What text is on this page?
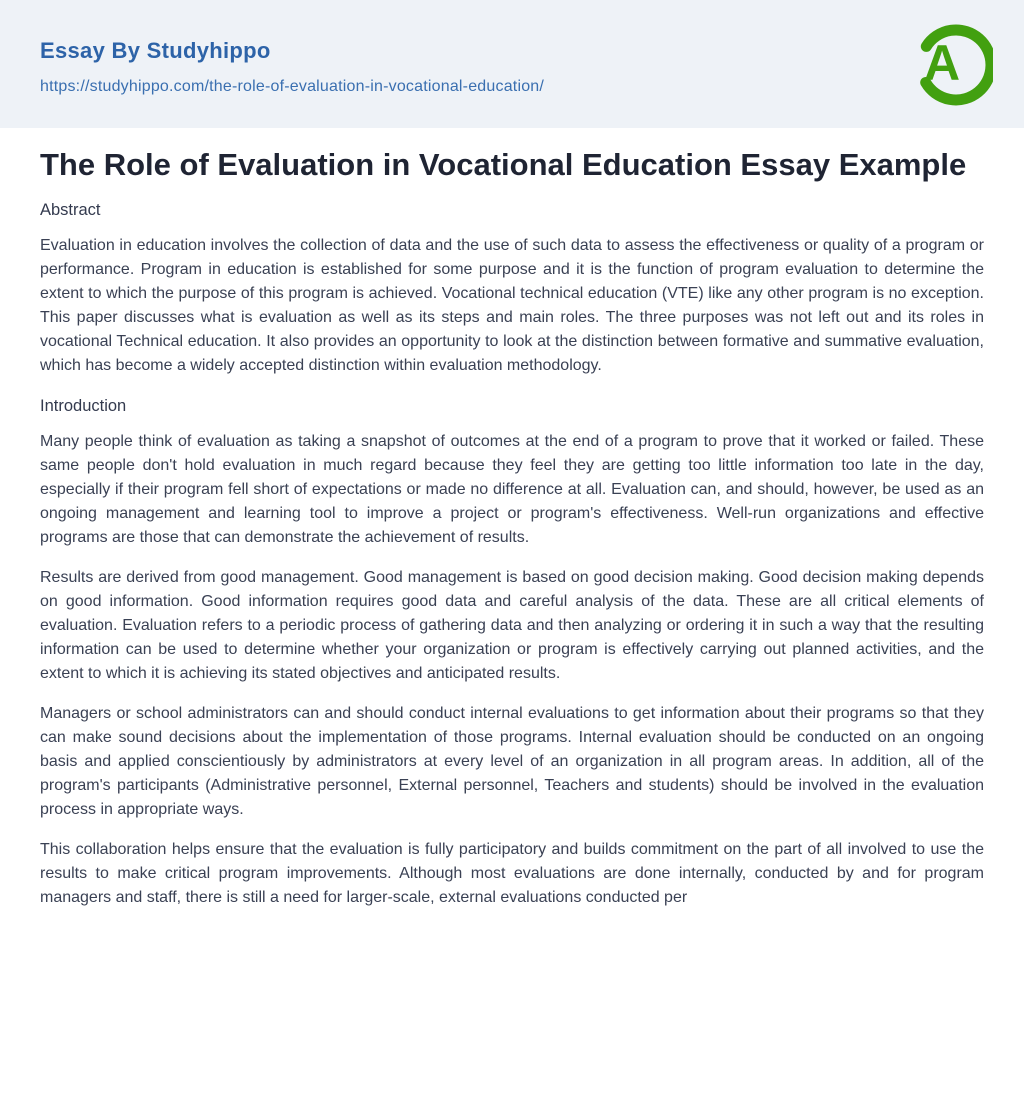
Essay By Studyhippo
https://studyhippo.com/the-role-of-evaluation-in-vocational-education/	A
The Role of Evaluation in Vocational Education Essay Example
Abstract

Evaluation in education involves the collection of data and the use of such data to assess the effectiveness or quality of a program or performance. Program in education is established for some purpose and it is the function of program evaluation to determine the extent to which the purpose of this program is achieved. Vocational technical education (VTE) like any other program is no exception. This paper discusses what is evaluation as well as its steps and main roles. The three purposes was not left out and its roles in vocational Technical education. It also provides an opportunity to look at the distinction between formative and summative evaluation, which has become a widely accepted distinction within evaluation methodology.

Introduction

Many people think of evaluation as taking a snapshot of outcomes at the end of a program to prove that it worked or failed. These same people don't hold evaluation in much regard because they feel they are getting too little information too late in the day, especially if their program fell short of expectations or made no difference at all. Evaluation can, and should, however, be used as an ongoing management and learning tool to improve a project or program's effectiveness. Well-run organizations and effective programs are those that can demonstrate the achievement of results.

Results are derived from good management. Good management is based on good decision making. Good decision making depends on good information. Good information requires good data and careful analysis of the data. These are all critical elements of evaluation. Evaluation refers to a periodic process of gathering data and then analyzing or ordering it in such a way that the resulting information can be used to determine whether your organization or program is effectively carrying out planned activities, and the extent to which it is achieving its stated objectives and anticipated results.

Managers or school administrators can and should conduct internal evaluations to get information about their programs so that they can make sound decisions about the implementation of those programs. Internal evaluation should be conducted on an ongoing basis and applied conscientiously by administrators at every level of an organization in all program areas. In addition, all of the program's participants (Administrative personnel, External personnel, Teachers and students) should be involved in the evaluation process in appropriate ways.

This collaboration helps ensure that the evaluation is fully participatory and builds commitment on the part of all involved to use the results to make critical program improvements. Although most evaluations are done internally, conducted by and for program managers and staff, there is still a need for larger-scale, external evaluations conducted per
